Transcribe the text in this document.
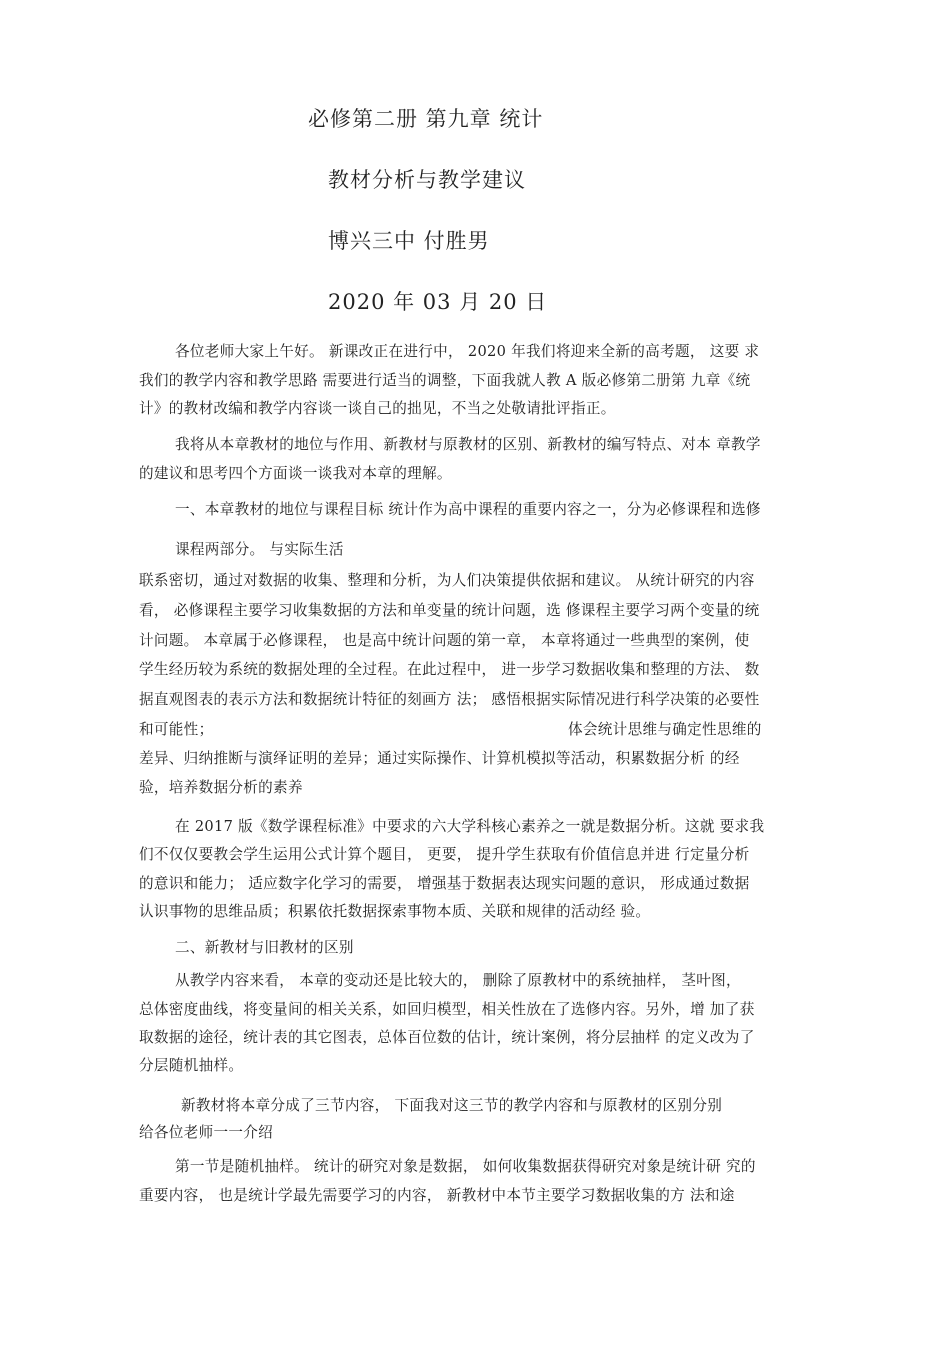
必修第二册 第九章 统计
教材分析与教学建议
博兴三中 付胜男
2020 年 03 月 20 日
各位老师大家上午好。 新课改正在进行中， 2020 年我们将迎来全新的高考题， 这要 求
我们的教学内容和教学思路 需要进行适当的调整，下面我就人教 A 版必修第二册第 九章《统
计》的教材改编和教学内容谈一谈自己的拙见，不当之处敬请批评指正。
我将从本章教材的地位与作用、新教材与原教材的区别、新教材的编写特点、对本 章教学
的建议和思考四个方面谈一谈我对本章的理解。
一、本章教材的地位与课程目标 统计作为高中课程的重要内容之一，分为必修课程和选修
课程两部分。 与实际生活
联系密切，通过对数据的收集、整理和分析，为人们决策提供依据和建议。 从统计研究的内容
看， 必修课程主要学习收集数据的方法和单变量的统计问题，选 修课程主要学习两个变量的统
计问题。 本章属于必修课程， 也是高中统计问题的第一章， 本章将通过一些典型的案例，使
学生经历较为系统的数据处理的全过程。在此过程中， 进一步学习数据收集和整理的方法、 数
据直观图表的表示方法和数据统计特征的刻画方 法； 感悟根据实际情况进行科学决策的必要性
和可能性；	体会统计思维与确定性思维的
差异、归纳推断与演绎证明的差异；通过实际操作、计算机模拟等活动，积累数据分析 的经
验，培养数据分析的素养
在 2017 版《数学课程标准》中要求的六大学科核心素养之一就是数据分析。这就 要求我
们不仅仅要教会学生运用公式计算个题目， 更要， 提升学生获取有价值信息并进 行定量分析
的意识和能力； 适应数字化学习的需要， 增强基于数据表达现实问题的意识， 形成通过数据
认识事物的思维品质；积累依托数据探索事物本质、关联和规律的活动经 验。
二、新教材与旧教材的区别
从教学内容来看， 本章的变动还是比较大的， 删除了原教材中的系统抽样， 茎叶图，
总体密度曲线，将变量间的相关关系，如回归模型，相关性放在了选修内容。另外，增 加了获
取数据的途径，统计表的其它图表，总体百位数的估计，统计案例，将分层抽样 的定义改为了
分层随机抽样。
新教材将本章分成了三节内容， 下面我对这三节的教学内容和与原教材的区别分别
给各位老师一一介绍
第一节是随机抽样。 统计的研究对象是数据， 如何收集数据获得研究对象是统计研 究的
重要内容， 也是统计学最先需要学习的内容， 新教材中本节主要学习数据收集的方 法和途
